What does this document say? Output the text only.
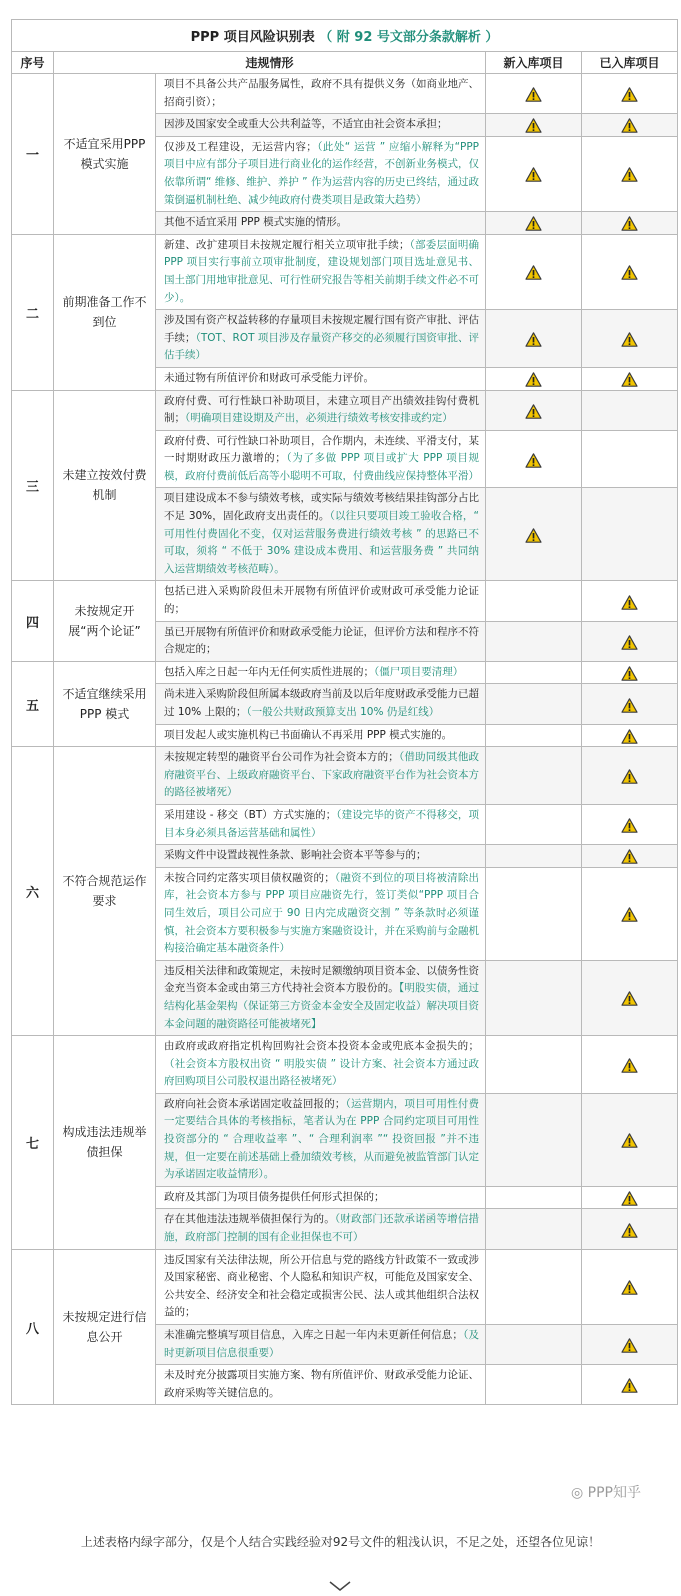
PPP 项目风险识别表 （ 附 92 号文部分条款解析 ）				
序号	违规情形		新入库项目	已入库项目
一	不适宜采用PPP 模式实施	项目不具备公共产品服务属性，政府不具有提供义务（如商业地产、招商引资）；		
		因涉及国家安全或重大公共利益等，不适宜由社会资本承担；		
		仅涉及工程建设，无运营内容；（此处“ 运营 ” 应缩小解释为“PPP 项目中应有部分子项目进行商业化的运作经营，不创新业务模式，仅依靠所谓“ 维修、维护、养护 ” 作为运营内容的历史已终结，通过政策倒逼机制杜绝、减少纯政府付费类项目是政策大趋势）		
		其他不适宜采用 PPP 模式实施的情形。		
二	前期准备工作不到位	新建、改扩建项目未按规定履行相关立项审批手续；（部委层面明确 PPP 项目实行事前立项审批制度，建设规划部门项目选址意见书、国土部门用地审批意见、可行性研究报告等相关前期手续文件必不可少）。		
		涉及国有资产权益转移的存量项目未按规定履行国有资产审批、评估手续；（TOT、ROT 项目涉及存量资产移交的必须履行国资审批、评估手续）		
		未通过物有所值评价和财政可承受能力评价。		
三	未建立按效付费机制	政府付费、可行性缺口补助项目，未建立项目产出绩效挂钩付费机制；（明确项目建设期及产出，必须进行绩效考核安排或约定）		
		政府付费、可行性缺口补助项目，合作期内，未连续、平滑支付，某一时期财政压力激增的；（为了多做 PPP 项目或扩大 PPP 项目规模，政府付费前低后高等小聪明不可取，付费曲线应保持整体平滑）		
		项目建设成本不参与绩效考核，或实际与绩效考核结果挂钩部分占比不足 30%，固化政府支出责任的。（以往只要项目竣工验收合格，“ 可用性付费固化不变，仅对运营服务费进行绩效考核 ” 的思路已不可取，须将 “ 不低于 30% 建设成本费用、和运营服务费 ” 共同纳入运营期绩效考核范畴）。		
四	未按规定开展“两个论证”	包括已进入采购阶段但未开展物有所值评价或财政可承受能力论证的；		
		虽已开展物有所值评价和财政承受能力论证，但评价方法和程序不符合规定的；		
五	不适宜继续采用PPP 模式	包括入库之日起一年内无任何实质性进展的；（僵尸项目要清理）		
		尚未进入采购阶段但所属本级政府当前及以后年度财政承受能力已超过 10% 上限的；（一般公共财政预算支出 10% 仍是红线）		
		项目发起人或实施机构已书面确认不再采用 PPP 模式实施的。		
六	不符合规范运作要求	未按规定转型的融资平台公司作为社会资本方的；（借助同级其他政府融资平台、上级政府融资平台、下家政府融资平台作为社会资本方的路径被堵死）		
		采用建设 - 移交（BT）方式实施的；（建设完毕的资产不得移交，项目本身必须具备运营基础和属性）		
		采购文件中设置歧视性条款、影响社会资本平等参与的；		
		未按合同约定落实项目债权融资的；（融资不到位的项目将被清除出库，社会资本方参与 PPP 项目应融资先行，签订类似“PPP 项目合同生效后，项目公司应于 90 日内完成融资交割 ” 等条款时必须谨慎，社会资本方要积极参与实施方案融资设计，并在采购前与金融机构接洽确定基本融资条件）		
		违反相关法律和政策规定，未按时足额缴纳项目资本金、以债务性资金充当资本金或由第三方代持社会资本方股份的。【明股实债，通过结构化基金架构（保证第三方资金本金安全及固定收益）解决项目资本金问题的融资路径可能被堵死】		
七	构成违法违规举债担保	由政府或政府指定机构回购社会资本投资本金或兜底本金损失的；（社会资本方股权出资 “ 明股实债 ” 设计方案、社会资本方通过政府回购项目公司股权退出路径被堵死）		
		政府向社会资本承诺固定收益回报的；（运营期内，项目可用性付费一定要结合具体的考核指标，笔者认为在 PPP 合同约定项目可用性投资部分的 “ 合理收益率 ”、“ 合理利润率 ”“ 投资回报 ”并不违规，但一定要在前述基础上叠加绩效考核，从而避免被监管部门认定为承诺固定收益情形）。		
		政府及其部门为项目债务提供任何形式担保的；		
		存在其他违法违规举债担保行为的。（财政部门还款承诺函等增信措施，政府部门控制的国有企业担保也不可）		
八	未按规定进行信息公开	违反国家有关法律法规，所公开信息与党的路线方针政策不一致或涉及国家秘密、商业秘密、个人隐私和知识产权，可能危及国家安全、公共安全、经济安全和社会稳定或损害公民、法人或其他组织合法权益的；		
		未准确完整填写项目信息，入库之日起一年内未更新任何信息；（及时更新项目信息很重要）		
		未及时充分披露项目实施方案、物有所值评价、财政承受能力论证、政府采购等关键信息的。		
◎ PPP知乎
上述表格内绿字部分，仅是个人结合实践经验对92号文件的粗浅认识，不足之处，还望各位见谅！
